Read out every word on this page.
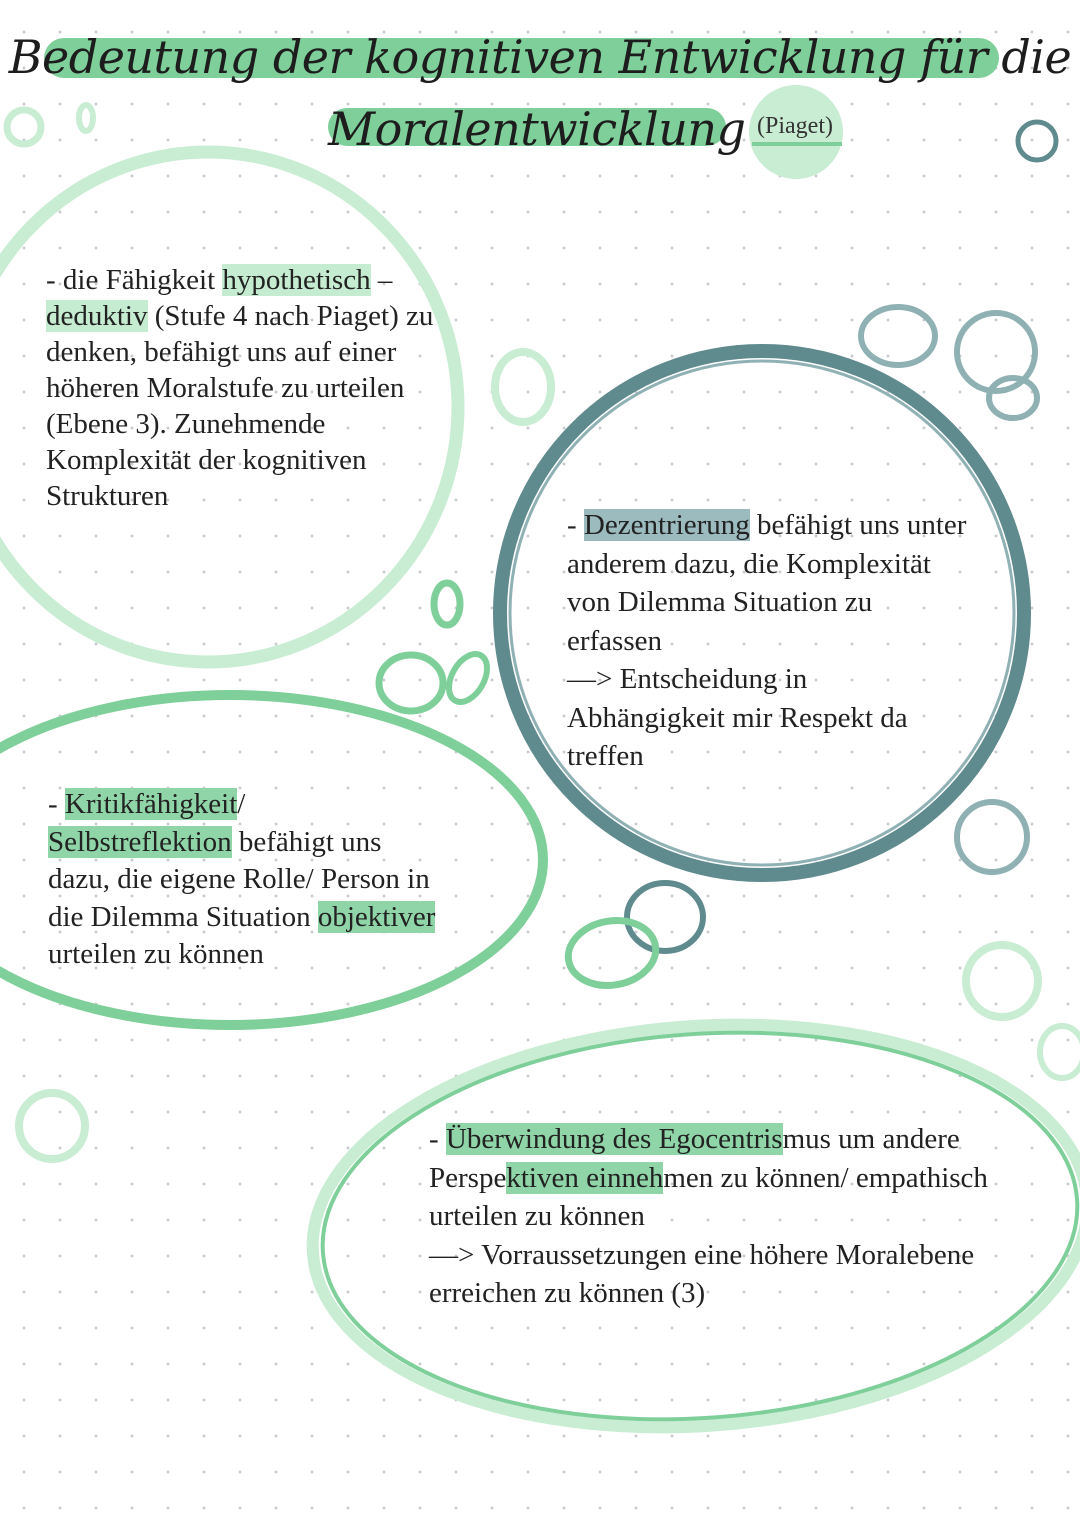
Bedeutung der kognitiven Entwicklung für die
Moralentwicklung (Piaget)
- die Fähigkeit hypothetisch –
deduktiv (Stufe 4 nach Piaget) zu denken, befähigt uns auf einer höheren Moralstufe zu urteilen (Ebene 3). Zunehmende Komplexität der kognitiven Strukturen
- Dezentrierung befähigt uns unter anderem dazu, die Komplexität von Dilemma Situation zu erfassen
—> Entscheidung in Abhängigkeit mir Respekt da treffen
- Kritikfähigkeit/
Selbstreflektion befähigt uns dazu, die eigene Rolle/ Person in die Dilemma Situation objektiver urteilen zu können
- Überwindung des Egocentrismus um andere Perspektiven einnehmen zu können/ empathisch urteilen zu können
—> Vorraussetzungen eine höhere Moralebene erreichen zu können (3)
